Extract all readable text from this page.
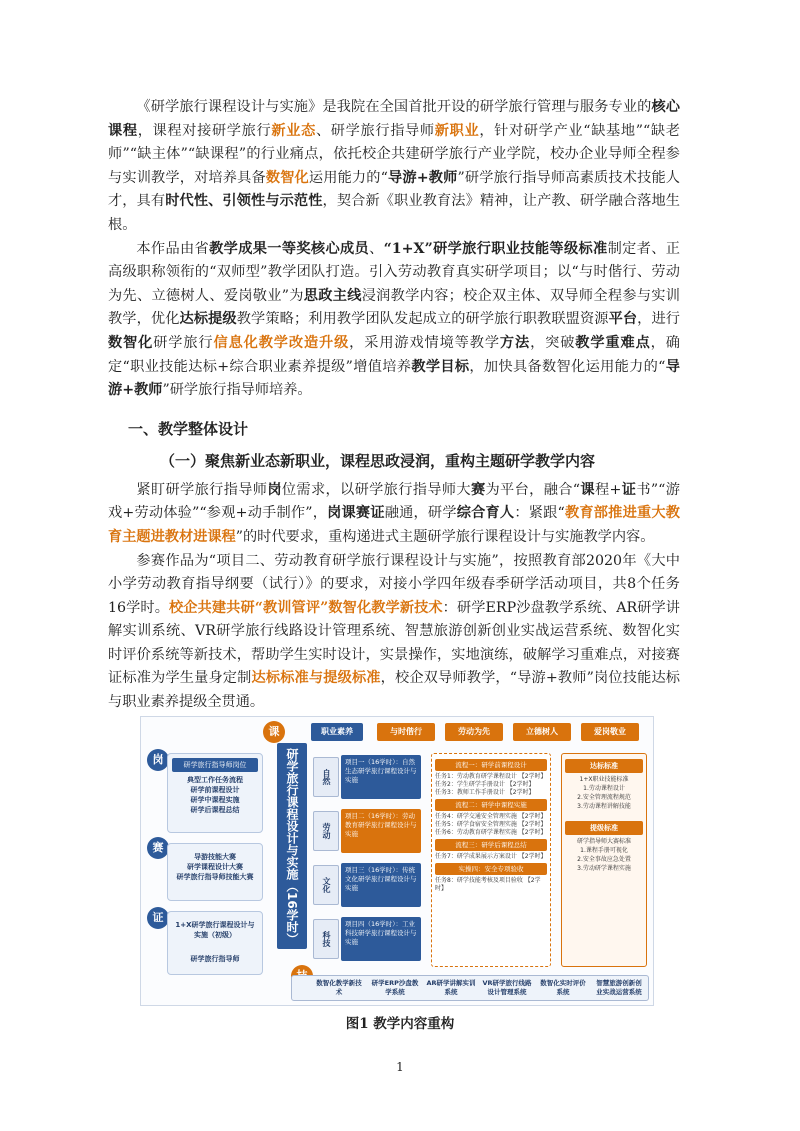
《研学旅行课程设计与实施》是我院在全国首批开设的研学旅行管理与服务专业的核心课程，课程对接研学旅行新业态、研学旅行指导师新职业，针对研学产业“缺基地”“缺老师”“缺主体”“缺课程”的行业痛点，依托校企共建研学旅行产业学院，校办企业导师全程参与实训教学，对培养具备数智化运用能力的“导游+教师”研学旅行指导师高素质技术技能人才，具有时代性、引领性与示范性，契合新《职业教育法》精神，让产教、研学融合落地生根。

本作品由省教学成果一等奖核心成员、“1+X”研学旅行职业技能等级标准制定者、正高级职称领衔的“双师型”教学团队打造。引入劳动教育真实研学项目；以“与时偕行、劳动为先、立德树人、爱岗敬业”为思政主线浸润教学内容；校企双主体、双导师全程参与实训教学，优化达标提级教学策略；利用教学团队发起成立的研学旅行职教联盟资源平台，进行数智化研学旅行信息化教学改造升级，采用游戏情境等教学方法，突破教学重难点，确定“职业技能达标+综合职业素养提级”增值培养教学目标，加快具备数智化运用能力的“导游+教师”研学旅行指导师培养。

一、教学整体设计
（一）聚焦新业态新职业，课程思政浸润，重构主题研学教学内容

紧盯研学旅行指导师岗位需求，以研学旅行指导师大赛为平台，融合“课程+证书”“游戏+劳动体验”“参观+动手制作”，岗课赛证融通，研学综合育人：紧跟“教育部推进重大教育主题进教材进课程”的时代要求，重构递进式主题研学旅行课程设计与实施教学内容。

参赛作品为“项目二、劳动教育研学旅行课程设计与实施”，按照教育部2020年《大中小学劳动教育指导纲要（试行）》的要求，对接小学四年级春季研学活动项目，共8个任务16学时。校企共建共研“教训管评”数智化教学新技术：研学ERP沙盘教学系统、AR研学讲解实训系统、VR研学旅行线路设计管理系统、智慧旅游创新创业实战运营系统、数智化实时评价系统等新技术，帮助学生实时设计，实景操作，实地演练，破解学习重难点，对接赛证标准为学生量身定制达标标准与提级标准，校企双导师教学，“导游+教师”岗位技能达标与职业素养提级全贯通。

岗	研学旅行指导师岗位
典型工作任务流程
研学前课程设计
研学中课程实施
研学后课程总结
赛
导游技能大赛
研学课程设计大赛
研学旅行指导师技能大赛
证
1+X研学旅行课程设计与实施（初级）
研学旅行指导师
课
研学旅行课程设计与实施（16学时）
职业素养	与时偕行	劳动为先	立德树人	爱岗敬业
自然
劳动
文化
科技
项目一（16学时）：自然生态研学旅行课程设计与实施
项目二（16学时）：劳动教育研学旅行课程设计与实施
项目三（16学时）：传统文化研学旅行课程设计与实施
项目四（16学时）：工业科技研学旅行课程设计与实施
流程一：研学前课程设计
任务1：劳动教育研学课程设计 【2学时】
任务2：学生研学手册设计 【2学时】
任务3：教师工作手册设计 【2学时】
流程二：研学中课程实施
任务4：研学交通安全管理实施 【2学时】
任务5：研学食宿安全管理实施 【2学时】
任务6：劳动教育研学课程实施 【2学时】
流程三：研学后课程总结
任务7：研学成果展示方案设计 【2学时】
实操四：安全专项验收
任务8：研学技能考核及项目验收 【2学时】
达标标准
1+X职业技能标准
1.劳动课程设计
2.安全管理流程规范
3.劳动课程讲解技能
提级标准
研学指导师大赛标准
1.课程手册可视化
2.安全事故应急处置
3.劳动研学课程实施
数智化教学新技术
研学ERP沙盘教学系统
AR研学讲解实训系统
VR研学旅行线路设计管理系统
数智化实时评价系统
智慧旅游创新创业实战运营系统
图1 教学内容重构
1
